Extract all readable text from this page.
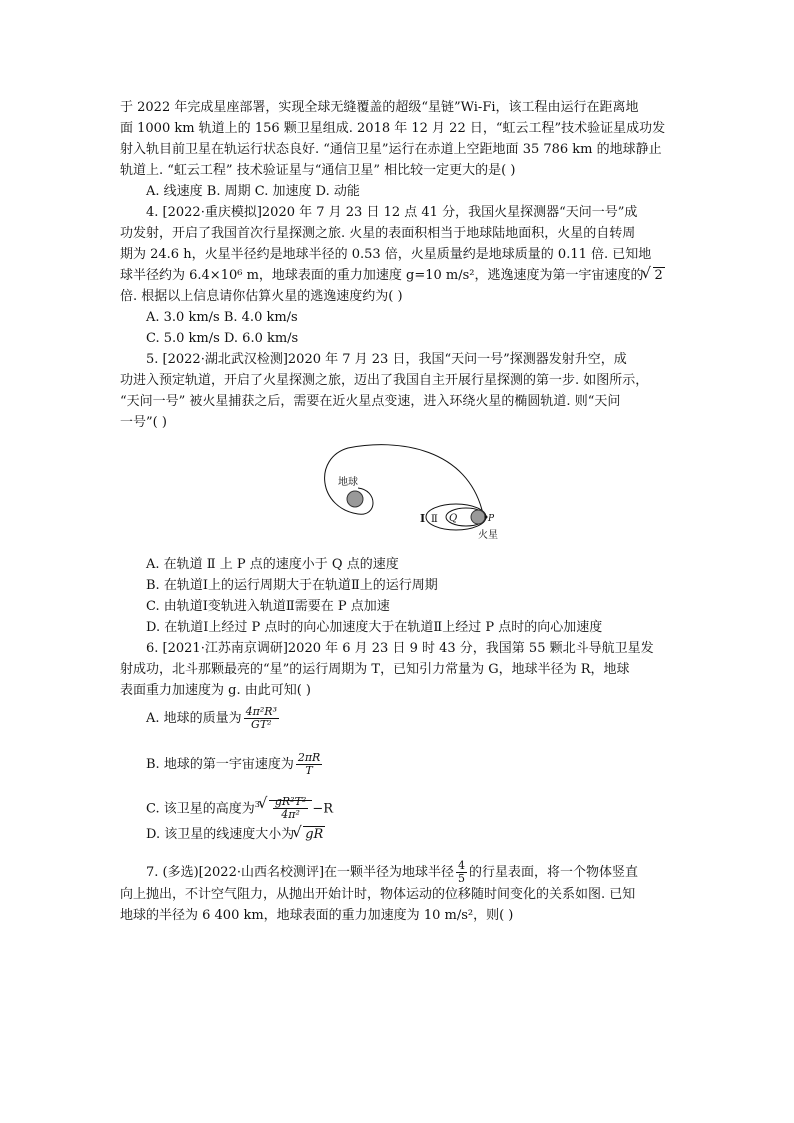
于 2022 年完成星座部署，实现全球无缝覆盖的超级“星链”Wi-Fi，该工程由运行在距离地
面 1000 km 轨道上的 156 颗卫星组成. 2018 年 12 月 22 日，“虹云工程”技术验证星成功发
射入轨目前卫星在轨运行状态良好. “通信卫星”运行在赤道上空距地面 35 786 km 的地球静止
轨道上. “虹云工程” 技术验证星与“通信卫星” 相比较一定更大的是( )
A. 线速度 B. 周期 C. 加速度 D. 动能
4. [2022·重庆模拟]2020 年 7 月 23 日 12 点 41 分，我国火星探测器“天问一号”成
功发射，开启了我国首次行星探测之旅. 火星的表面积相当于地球陆地面积，火星的自转周
期为 24.6 h，火星半径约是地球半径的 0.53 倍，火星质量约是地球质量的 0.11 倍. 已知地
球半径约为 6.4×10⁶ m，地球表面的重力加速度 g=10 m/s²，逃逸速度为第一宇宙速度的 √ 2
倍. 根据以上信息请你估算火星的逃逸速度约为( )
A. 3.0 km/s B. 4.0 km/s
C. 5.0 km/s D. 6.0 km/s
5. [2022·湖北武汉检测]2020 年 7 月 23 日，我国“天问一号”探测器发射升空，成
功进入预定轨道，开启了火星探测之旅，迈出了我国自主开展行星探测的第一步. 如图所示，
“天问一号” 被火星捕获之后，需要在近火星点变速，进入环绕火星的椭圆轨道. 则“天问
一号”( )
地球
Ⅰ Ⅱ Q	P
火星
A. 在轨道 Ⅱ 上 P 点的速度小于 Q 点的速度
B. 在轨道Ⅰ上的运行周期大于在轨道Ⅱ上的运行周期
C. 由轨道Ⅰ变轨进入轨道Ⅱ需要在 P 点加速
D. 在轨道Ⅰ上经过 P 点时的向心加速度大于在轨道Ⅱ上经过 P 点时的向心加速度
6. [2021·江苏南京调研]2020 年 6 月 23 日 9 时 43 分，我国第 55 颗北斗导航卫星发
射成功，北斗那颗最亮的“星”的运行周期为 T，已知引力常量为 G，地球半径为 R，地球
表面重力加速度为 g. 由此可知( )
A. 地球的质量为 $\frac{\text{4π²R³}}{\text{GT²}}$
B. 地球的第一宇宙速度为 $\frac{2\pi R}{T}$
C. 该卫星的高度为$^3$ √ $\frac{\text{gR²T²}}{\text{4π²}} -R$
D. 该卫星的线速度大小为 √ gR
7. (多选)[2022·山西名校测评]在一颗半径为地球半径 $\frac{4}{5}$ 的行星表面，将一个物体竖直
向上抛出，不计空气阻力，从抛出开始计时，物体运动的位移随时间变化的关系如图. 已知
地球的半径为 6 400 km，地球表面的重力加速度为 10 m/s²，则( )
